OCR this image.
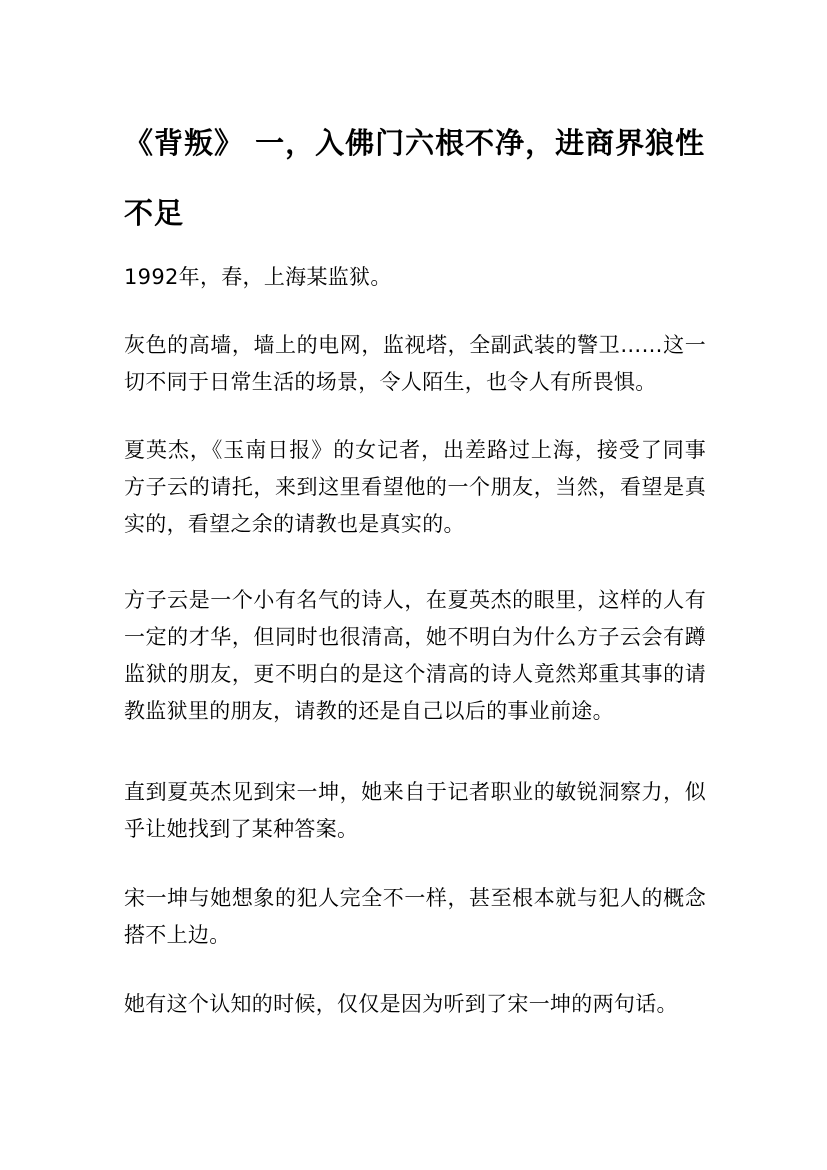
《背叛》 一，入佛门六根不净，进商界狼性不足

1992年，春，上海某监狱。

灰色的高墙，墙上的电网，监视塔，全副武装的警卫……这一切不同于日常生活的场景，令人陌生，也令人有所畏惧。

夏英杰，《玉南日报》的女记者，出差路过上海，接受了同事方子云的请托，来到这里看望他的一个朋友，当然，看望是真实的，看望之余的请教也是真实的。

方子云是一个小有名气的诗人，在夏英杰的眼里，这样的人有一定的才华，但同时也很清高，她不明白为什么方子云会有蹲监狱的朋友，更不明白的是这个清高的诗人竟然郑重其事的请教监狱里的朋友，请教的还是自己以后的事业前途。

直到夏英杰见到宋一坤，她来自于记者职业的敏锐洞察力，似乎让她找到了某种答案。

宋一坤与她想象的犯人完全不一样，甚至根本就与犯人的概念搭不上边。

她有这个认知的时候，仅仅是因为听到了宋一坤的两句话。
